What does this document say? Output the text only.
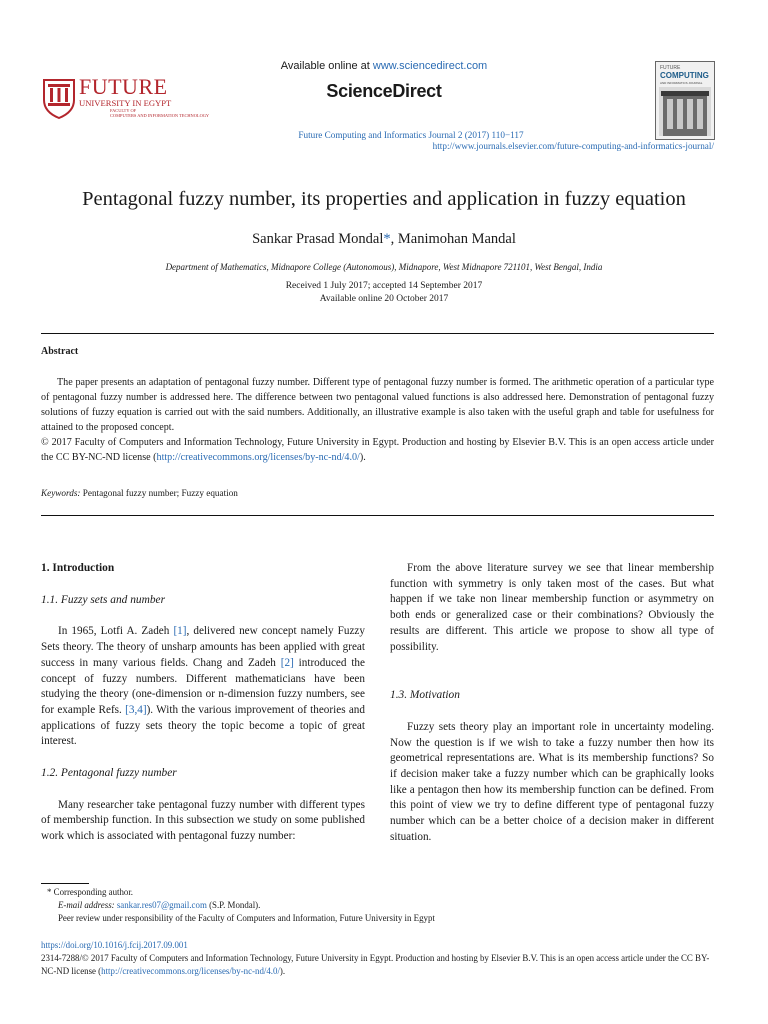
FUTURE
UNIVERSITY IN EGYPT
FACULTY OF
COMPUTERS AND INFORMATION TECHNOLOGY
Available online at www.sciencedirect.com
ScienceDirect
FUTURE
COMPUTING
AND INFORMATICS JOURNAL
Future Computing and Informatics Journal 2 (2017) 110−117
http://www.journals.elsevier.com/future-computing-and-informatics-journal/
Pentagonal fuzzy number, its properties and application in fuzzy equation
Sankar Prasad Mondal*, Manimohan Mandal
Department of Mathematics, Midnapore College (Autonomous), Midnapore, West Midnapore 721101, West Bengal, India
Received 1 July 2017; accepted 14 September 2017
Available online 20 October 2017
Abstract

The paper presents an adaptation of pentagonal fuzzy number. Different type of pentagonal fuzzy number is formed. The arithmetic operation of a particular type of pentagonal fuzzy number is addressed here. The difference between two pentagonal valued functions is also addressed here. Demonstration of pentagonal fuzzy solutions of fuzzy equation is carried out with the said numbers. Additionally, an illustrative example is also taken with the useful graph and table for usefulness for attained to the proposed concept.

© 2017 Faculty of Computers and Information Technology, Future University in Egypt. Production and hosting by Elsevier B.V. This is an open access article under the CC BY-NC-ND license (http://creativecommons.org/licenses/by-nc-nd/4.0/).
Keywords: Pentagonal fuzzy number; Fuzzy equation
1. Introduction
1.1. Fuzzy sets and number

In 1965, Lotfi A. Zadeh [1], delivered new concept namely Fuzzy Sets theory. The theory of unsharp amounts has been applied with great success in many various fields. Chang and Zadeh [2] introduced the concept of fuzzy numbers. Different mathematicians have been studying the theory (one-dimension or n-dimension fuzzy numbers, see for example Refs. [3,4]). With the various improvement of theories and applications of fuzzy sets theory the topic become a topic of great interest.

1.2. Pentagonal fuzzy number

Many researcher take pentagonal fuzzy number with different types of membership function. In this subsection we study on some published work which is associated with pentagonal fuzzy number:

From the above literature survey we see that linear membership function with symmetry is only taken most of the cases. But what happen if we take non linear membership function or asymmetry on both ends or generalized case or their combinations? Obviously the results are different. This article we propose to show all type of possibility.

1.3. Motivation

Fuzzy sets theory play an important role in uncertainty modeling. Now the question is if we wish to take a fuzzy number then how its geometrical representations are. What is its membership functions? So if decision maker take a fuzzy number which can be graphically looks like a pentagon then how its membership function can be defined. From this point of view we try to define different type of pentagonal fuzzy number which can be a better choice of a decision maker in different situation.

* Corresponding author.
E-mail address: sankar.res07@gmail.com (S.P. Mondal).
Peer review under responsibility of the Faculty of Computers and Information, Future University in Egypt
https://doi.org/10.1016/j.fcij.2017.09.001
2314-7288/© 2017 Faculty of Computers and Information Technology, Future University in Egypt. Production and hosting by Elsevier B.V. This is an open access article under the CC BY-NC-ND license (http://creativecommons.org/licenses/by-nc-nd/4.0/).
